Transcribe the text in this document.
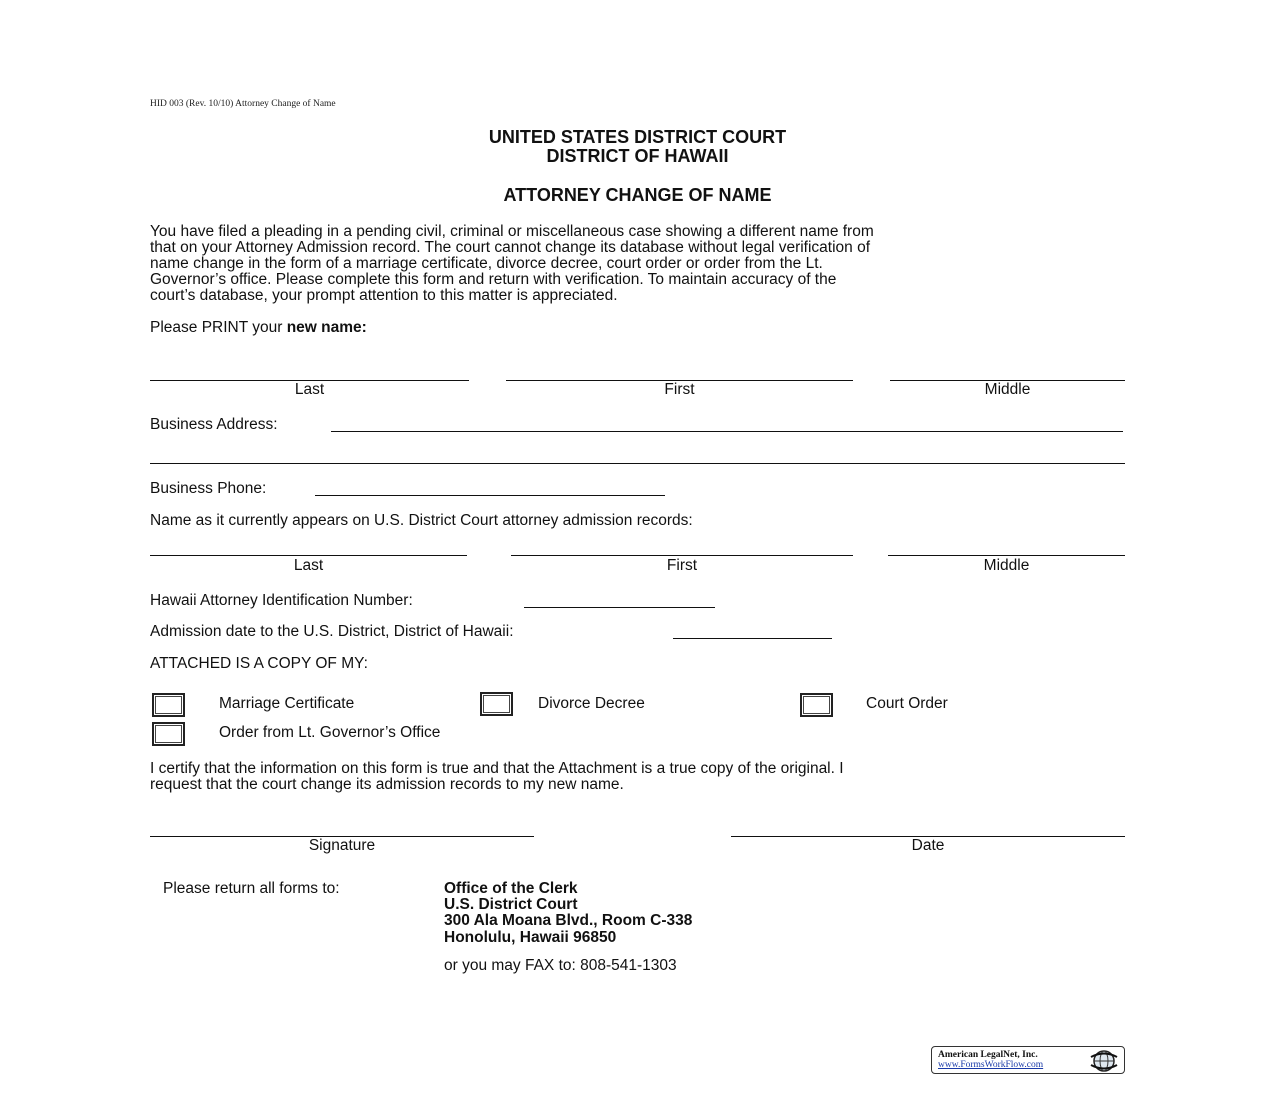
HID 003 (Rev. 10/10) Attorney Change of Name
UNITED STATES DISTRICT COURT
DISTRICT OF HAWAII
ATTORNEY CHANGE OF NAME
You have filed a pleading in a pending civil, criminal or miscellaneous case showing a different name from
that on your Attorney Admission record. The court cannot change its database without legal verification of
name change in the form of a marriage certificate, divorce decree, court order or order from the Lt.
Governor’s office. Please complete this form and return with verification. To maintain accuracy of the
court’s database, your prompt attention to this matter is appreciated.
Please PRINT your new name:
Last	First	Middle
Business Address:
Business Phone:
Name as it currently appears on U.S. District Court attorney admission records:
Last	First	Middle
Hawaii Attorney Identification Number:
Admission date to the U.S. District, District of Hawaii:
ATTACHED IS A COPY OF MY:
Marriage Certificate	Divorce Decree	Court Order
Order from Lt. Governor’s Office
I certify that the information on this form is true and that the Attachment is a true copy of the original. I
request that the court change its admission records to my new name.
Signature	Date
Please return all forms to:	Office of the Clerk
U.S. District Court
300 Ala Moana Blvd., Room C-338
Honolulu, Hawaii 96850
or you may FAX to: 808-541-1303
American LegalNet, Inc.
www.FormsWorkFlow.com
